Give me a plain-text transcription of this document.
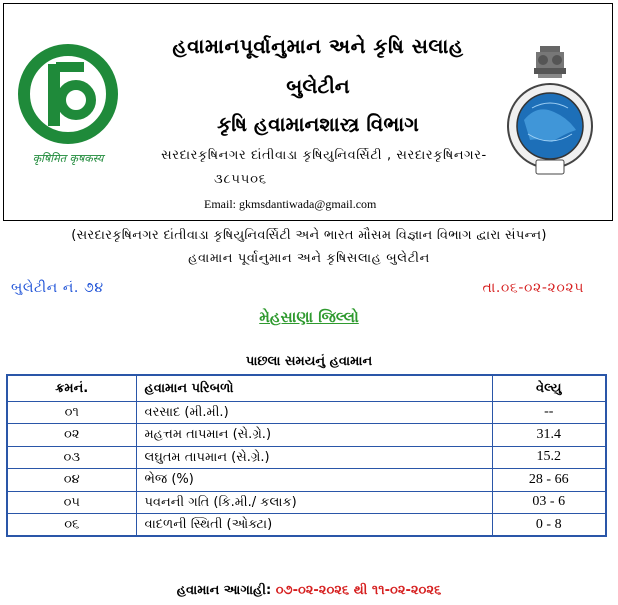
कृषिमित कृषकस्य
હવામાનપૂર્વાનુમાન અને કૃષિ સલાહ
બુલેટીન
કૃષિ હવામાનશાસ્ત્ર વિભાગ
સરદારકૃષિનગર દાંતીવાડા કૃષિયુનિવર્સિટી , સરદારકૃષિનગર-
૩૮૫૫૦૬
Email: gkmsdantiwada@gmail.com
(સરદારકૃષિનગર દાંતીવાડા કૃષિયુનિવર્સિટી અને ભારત મૌસમ વિજ્ઞાન વિભાગ દ્વારા સંપન્ન)
હવામાન પૂર્વાનુમાન અને કૃષિસલાહ બુલેટીન
બુલેટીન નં. ૭૪	તા.૦૬-૦૨-૨૦૨૫
મેહસાણા જિલ્લો
પાછલા સમયનું હવામાન
ક્રમનં.	હવામાન પરિબળો	વેલ્યુ
૦૧	વરસાદ (મી.મી.)	--
૦૨	મહત્તમ તાપમાન (સે.ગ્રે.)	31.4
૦૩	લઘુતમ તાપમાન (સે.ગ્રે.)	15.2
૦૪	ભેજ (%)	28 - 66
૦૫	પવનની ગતિ (કિ.મી./ કલાક)	03 - 6
૦૬	વાદળની સ્થિતી (ઓક્ટા)	0 - 8
હવામાન આગાહી: ૦૭-૦૨-૨૦૨૬ થી ૧૧-૦૨-૨૦૨૬
